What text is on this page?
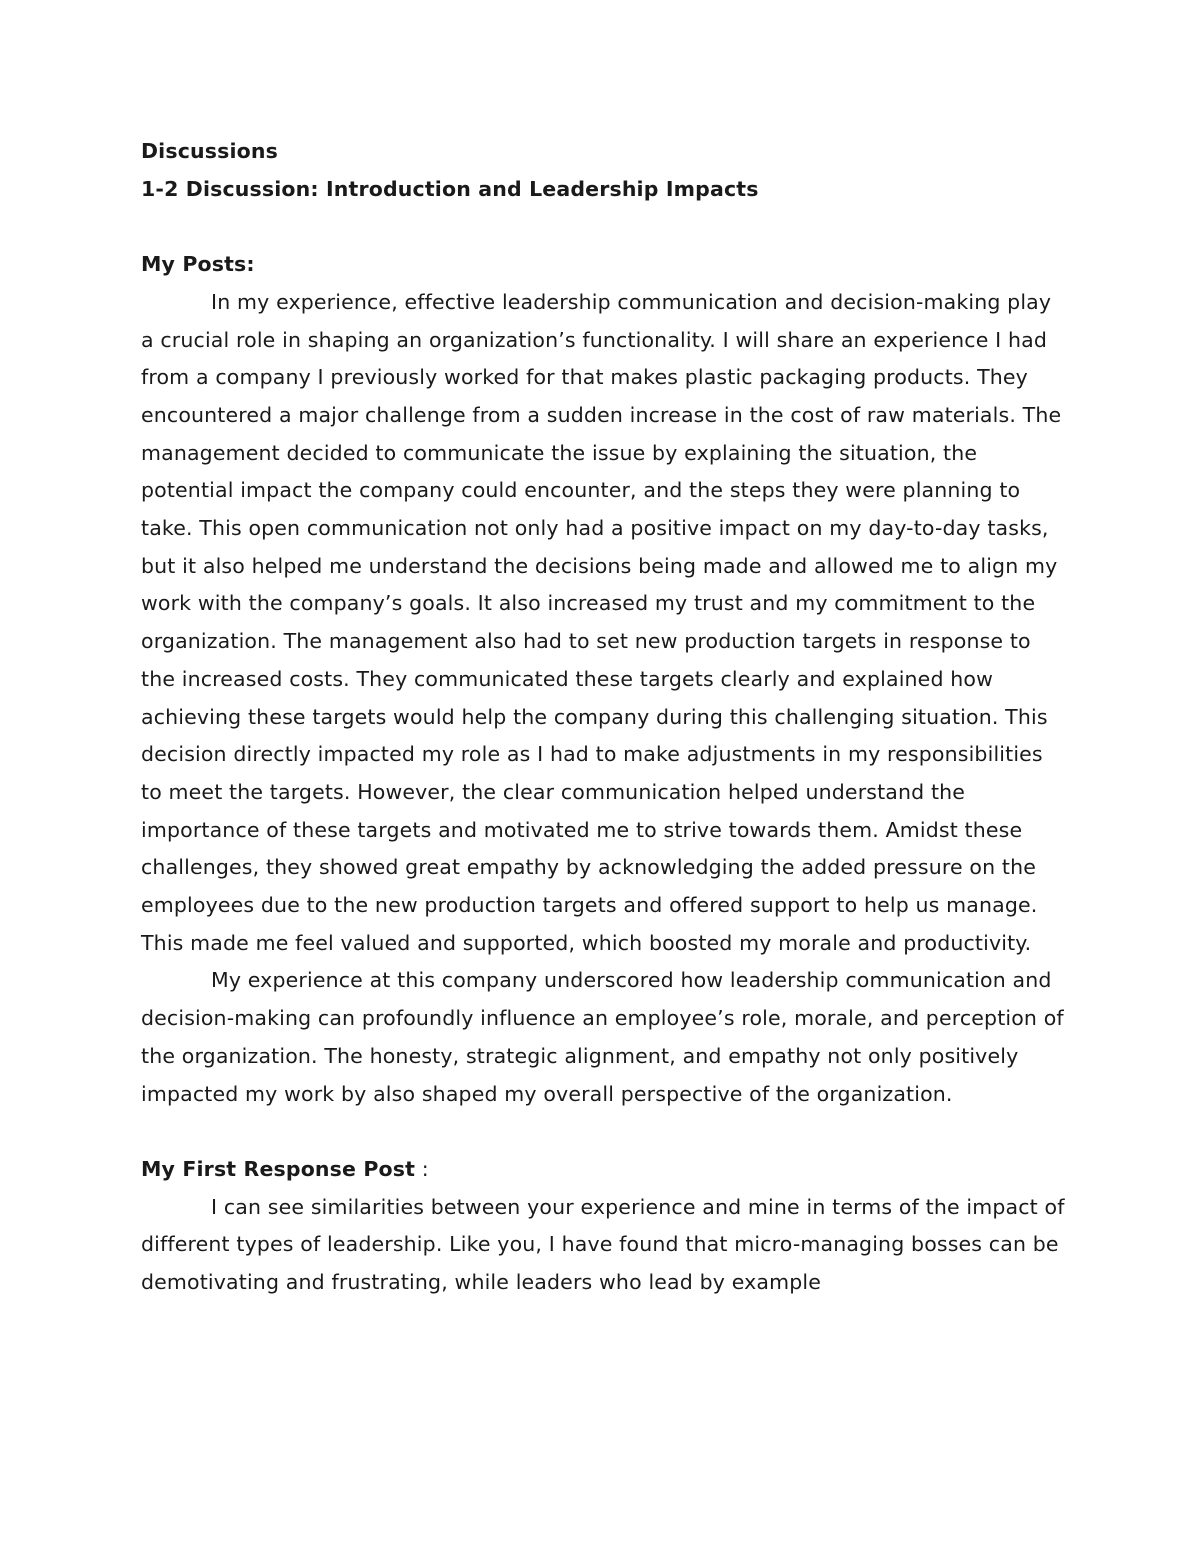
Discussions

1-2 Discussion: Introduction and Leadership Impacts

My Posts:

In my experience, effective leadership communication and decision-making play a crucial role in shaping an organization’s functionality. I will share an experience I had from a company I previously worked for that makes plastic packaging products. They encountered a major challenge from a sudden increase in the cost of raw materials. The management decided to communicate the issue by explaining the situation, the potential impact the company could encounter, and the steps they were planning to take. This open communication not only had a positive impact on my day-to-day tasks, but it also helped me understand the decisions being made and allowed me to align my work with the company’s goals. It also increased my trust and my commitment to the organization. The management also had to set new production targets in response to the increased costs. They communicated these targets clearly and explained how achieving these targets would help the company during this challenging situation. This decision directly impacted my role as I had to make adjustments in my responsibilities to meet the targets. However, the clear communication helped understand the importance of these targets and motivated me to strive towards them. Amidst these challenges, they showed great empathy by acknowledging the added pressure on the employees due to the new production targets and offered support to help us manage. This made me feel valued and supported, which boosted my morale and productivity.

My experience at this company underscored how leadership communication and decision-making can profoundly influence an employee’s role, morale, and perception of the organization. The honesty, strategic alignment, and empathy not only positively impacted my work by also shaped my overall perspective of the organization.

My First Response Post :

I can see similarities between your experience and mine in terms of the impact of different types of leadership. Like you, I have found that micro-managing bosses can be demotivating and frustrating, while leaders who lead by example
